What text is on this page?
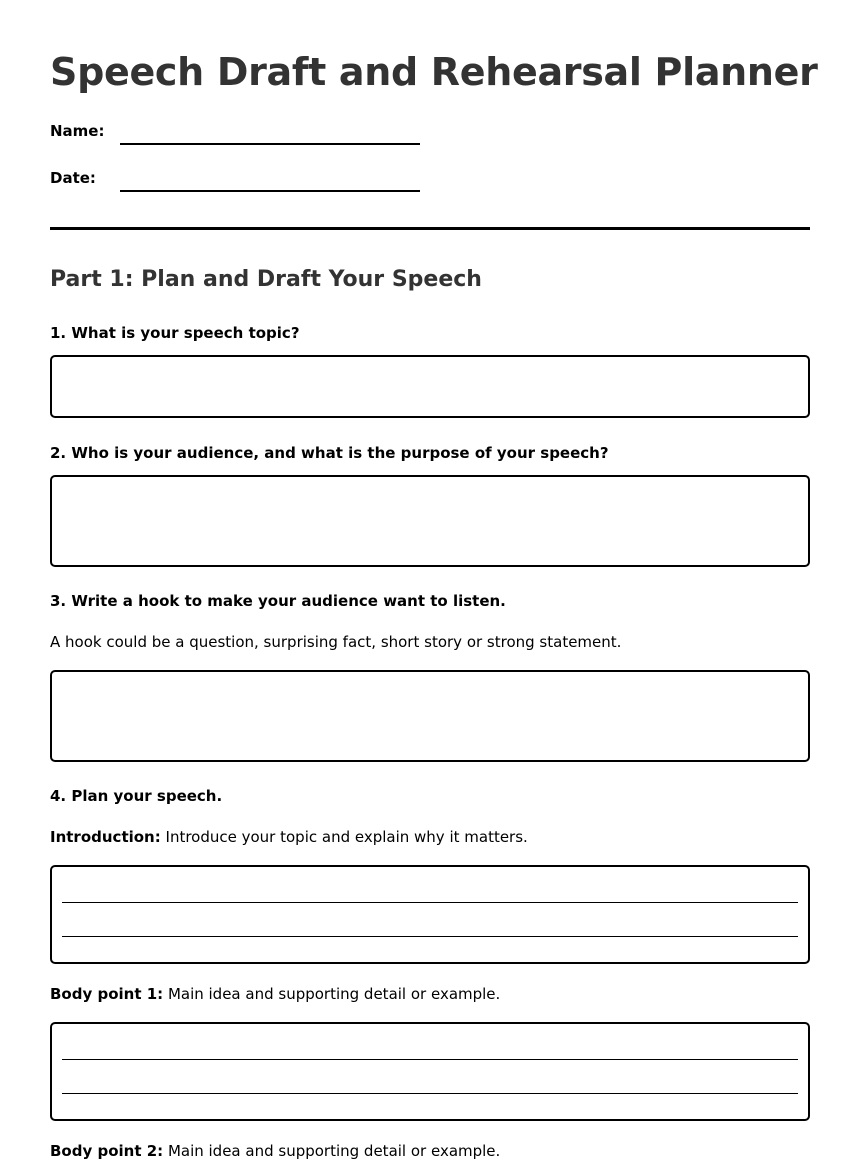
Speech Draft and Rehearsal Planner
Name:
Date:
Part 1: Plan and Draft Your Speech
1. What is your speech topic?
2. Who is your audience, and what is the purpose of your speech?
3. Write a hook to make your audience want to listen.
A hook could be a question, surprising fact, short story or strong statement.
4. Plan your speech.
Introduction: Introduce your topic and explain why it matters.
Body point 1: Main idea and supporting detail or example.
Body point 2: Main idea and supporting detail or example.
